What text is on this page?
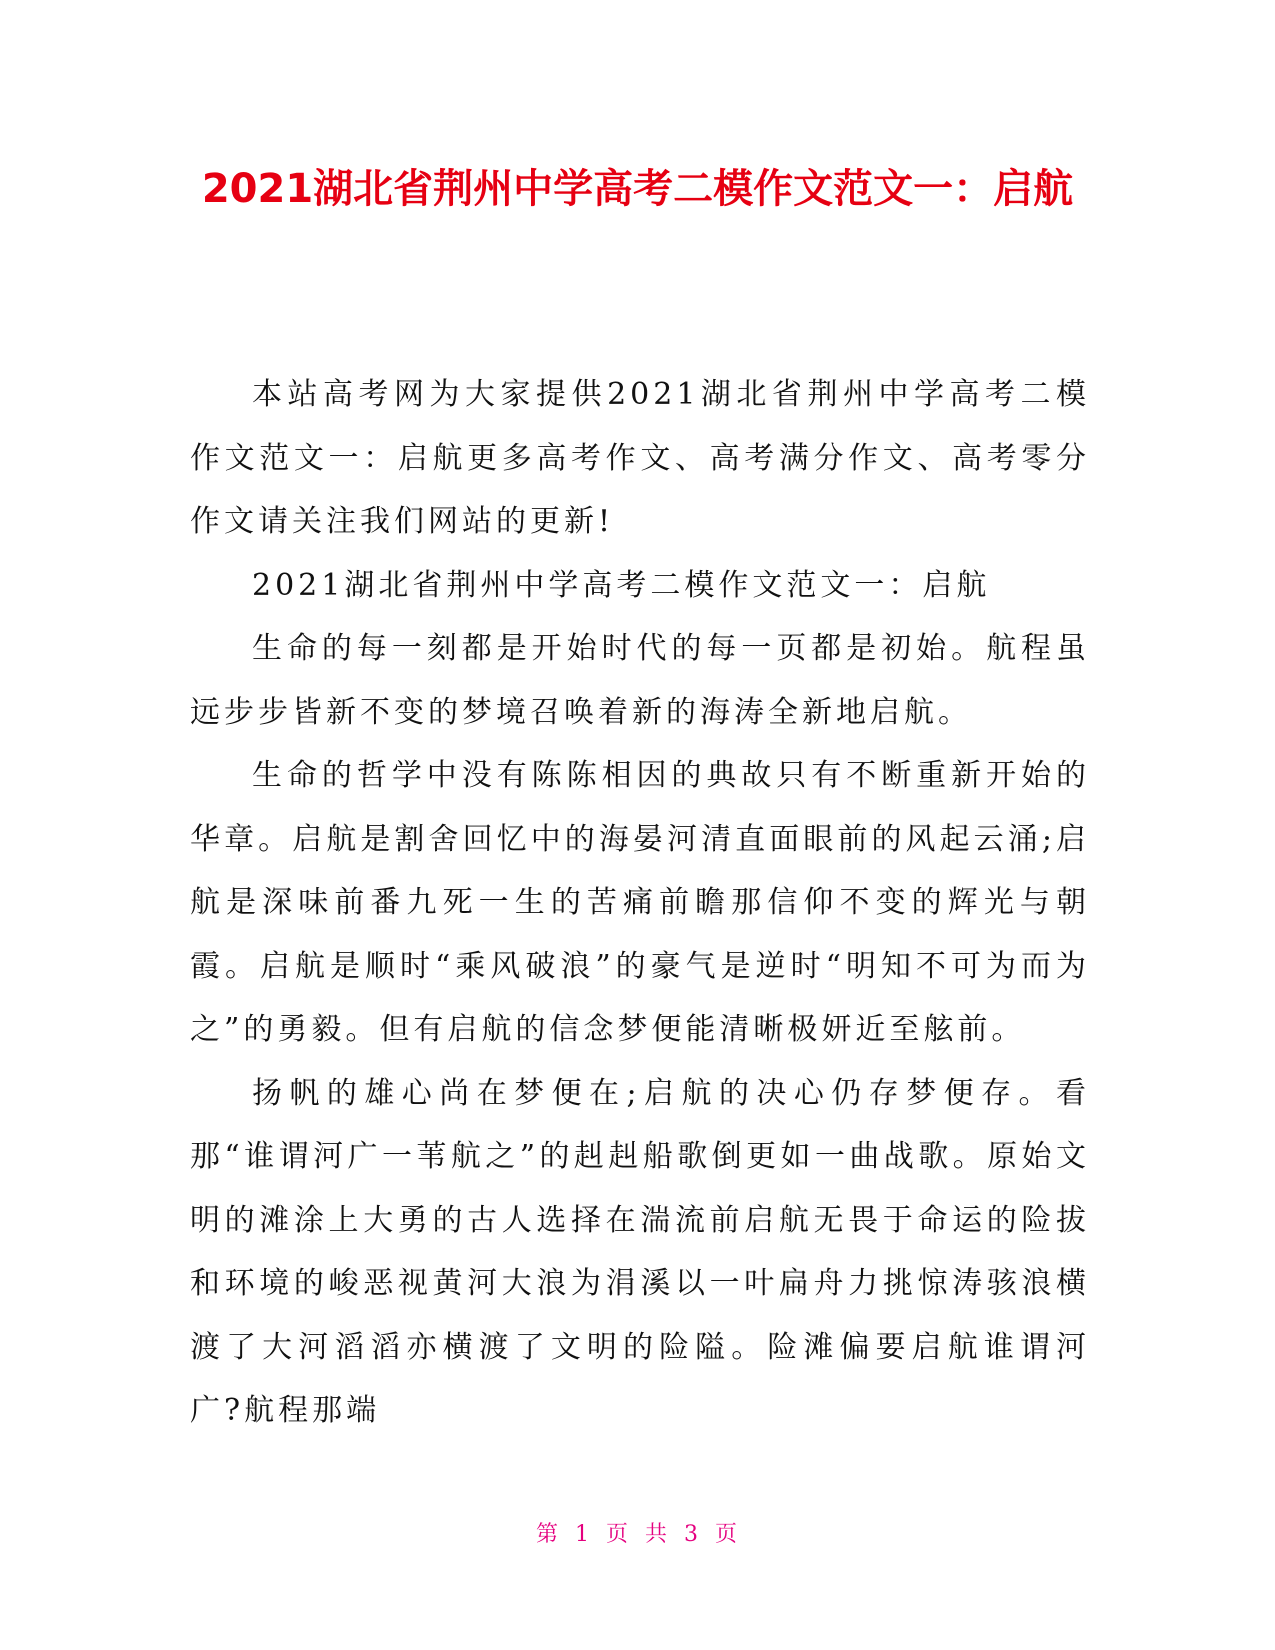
2021湖北省荆州中学高考二模作文范文一：启航

本站高考网为大家提供2021湖北省荆州中学高考二模作文范文一：启航更多高考作文、高考满分作文、高考零分作文请关注我们网站的更新!

2021湖北省荆州中学高考二模作文范文一：启航

生命的每一刻都是开始时代的每一页都是初始。航程虽远步步皆新不变的梦境召唤着新的海涛全新地启航。

生命的哲学中没有陈陈相因的典故只有不断重新开始的华章。启航是割舍回忆中的海晏河清直面眼前的风起云涌;启航是深味前番九死一生的苦痛前瞻那信仰不变的辉光与朝霞。启航是顺时“乘风破浪”的豪气是逆时“明知不可为而为之”的勇毅。但有启航的信念梦便能清晰极妍近至舷前。

扬帆的雄心尚在梦便在;启航的决心仍存梦便存。看那“谁谓河广一苇航之”的赳赳船歌倒更如一曲战歌。原始文明的滩涂上大勇的古人选择在湍流前启航无畏于命运的险拔和环境的峻恶视黄河大浪为涓溪以一叶扁舟力挑惊涛骇浪横渡了大河滔滔亦横渡了文明的险隘。险滩偏要启航谁谓河广?航程那端

第 1 页 共 3 页
